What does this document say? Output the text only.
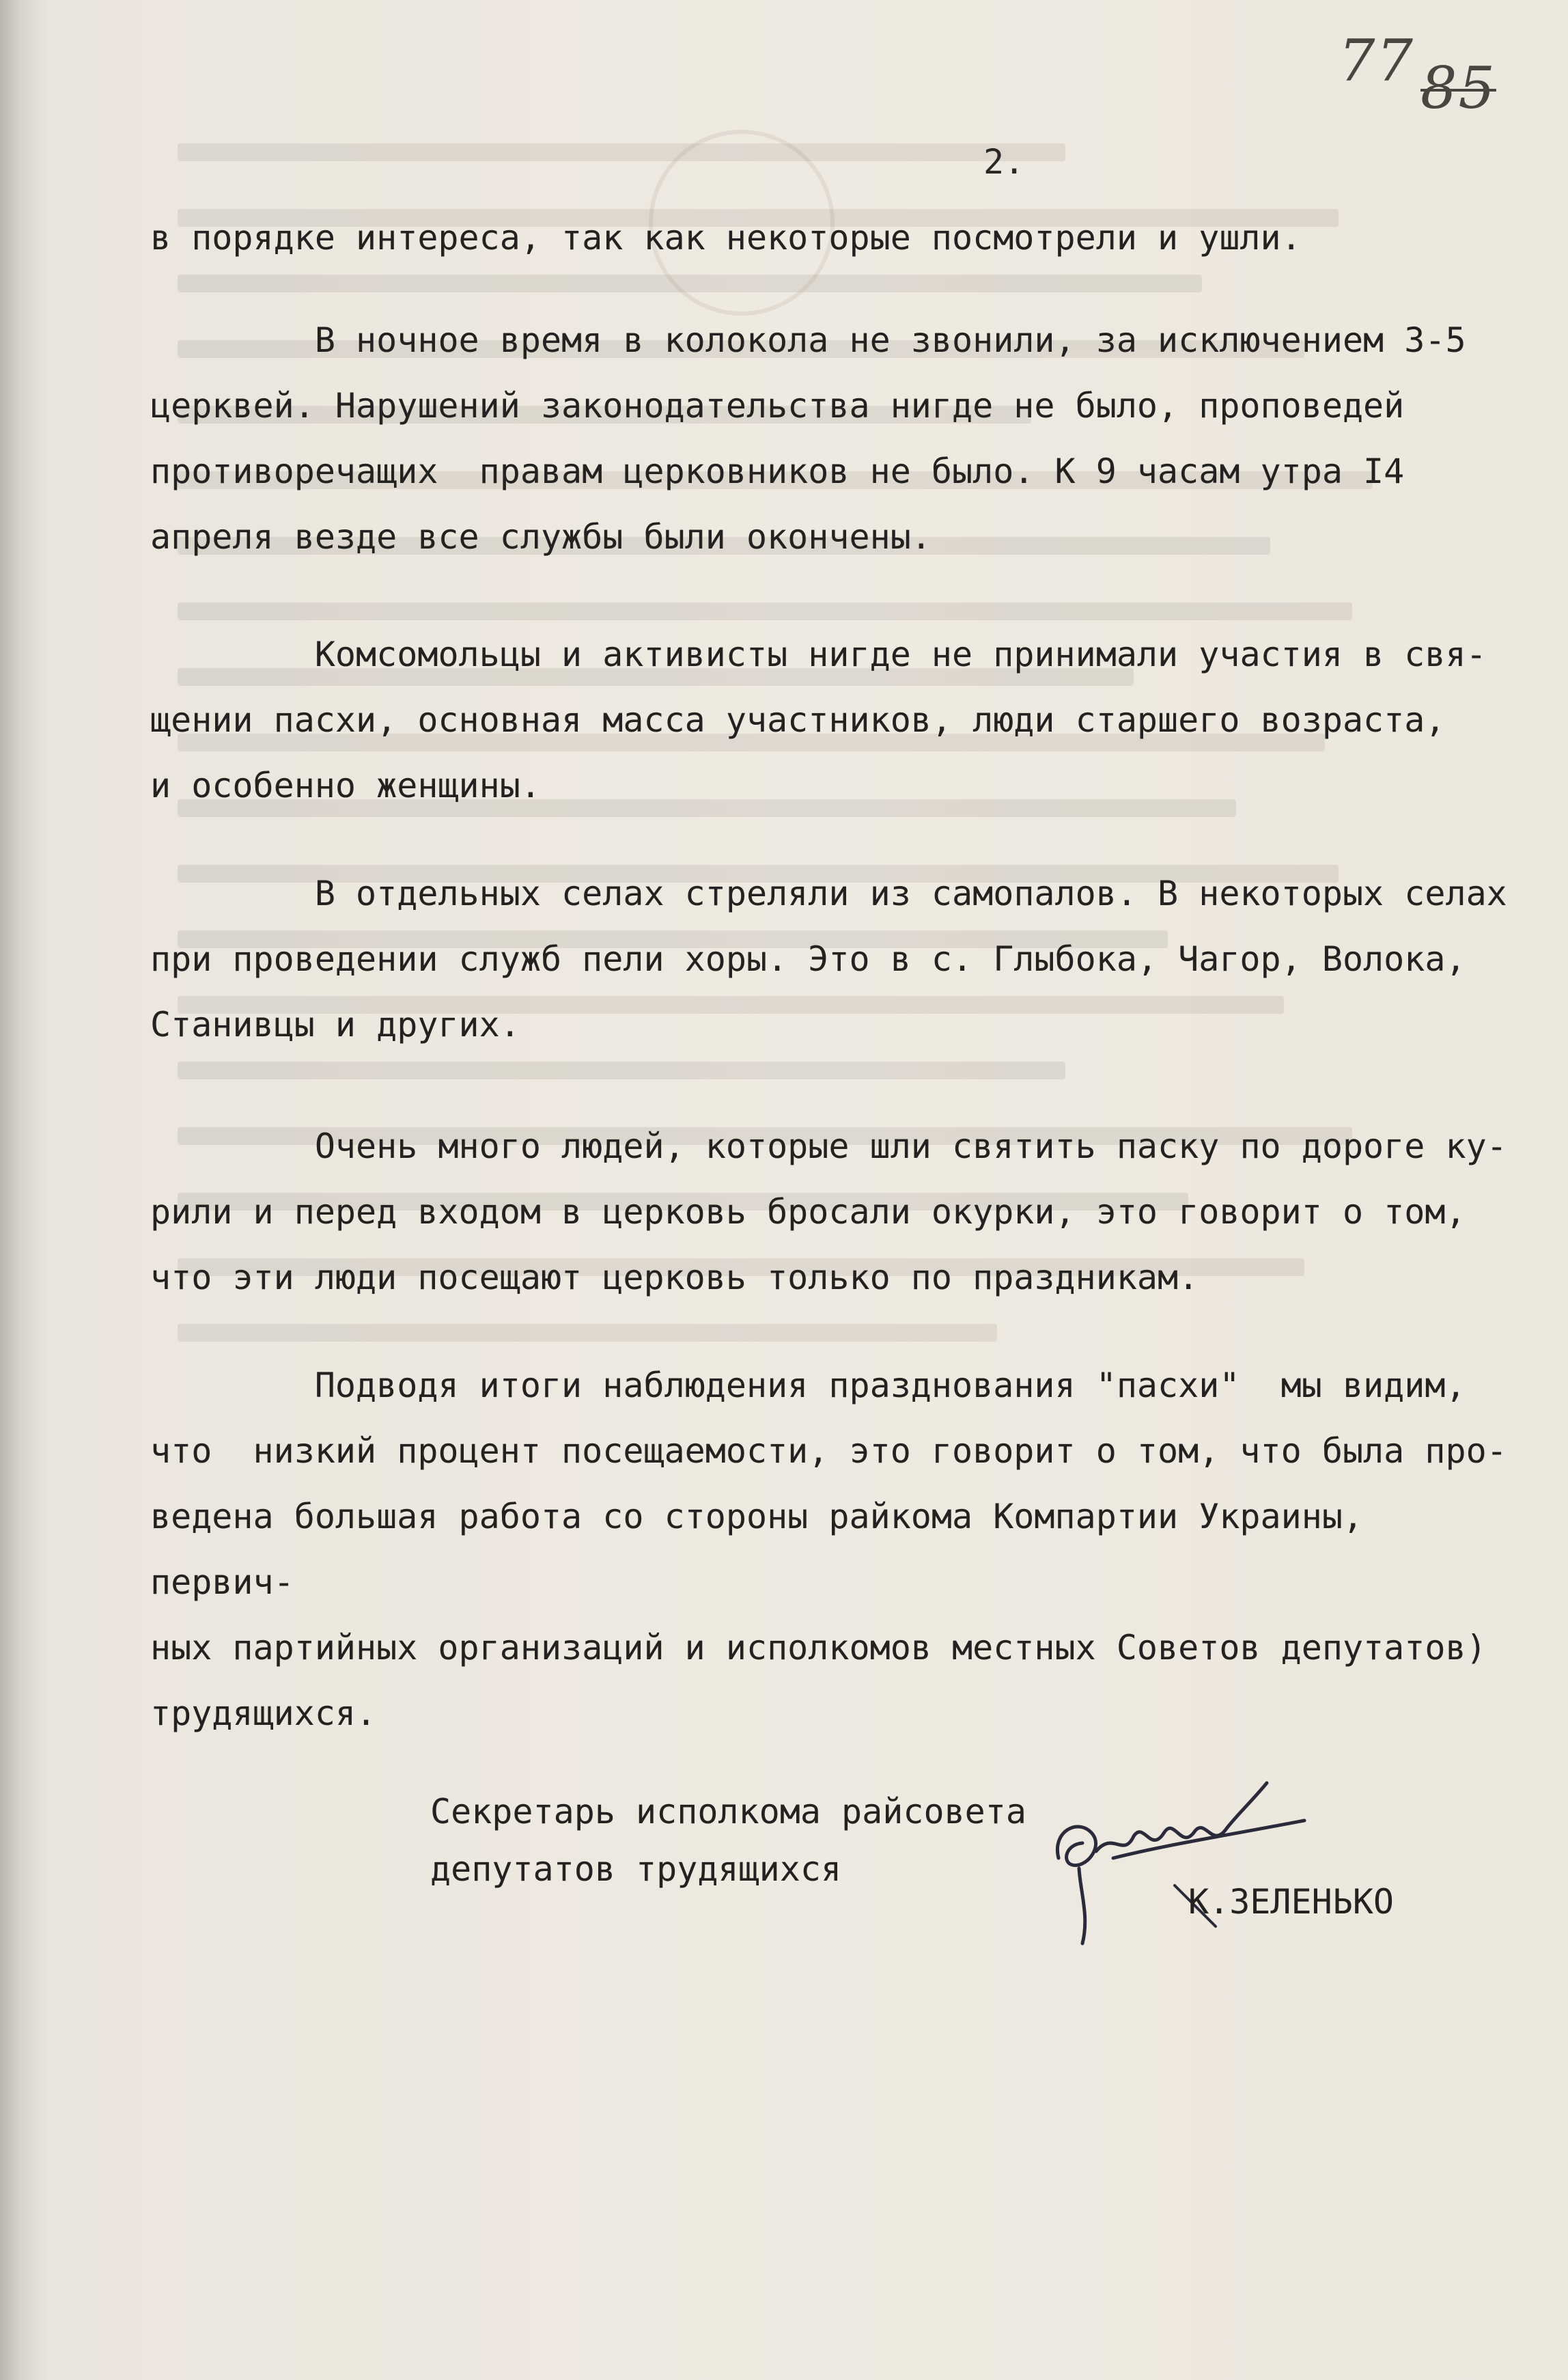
77 85
2.

в порядке интереса, так как некоторые посмотрели и ушли.

В ночное время в колокола не звонили, за исключением 3-5
церквей. Нарушений законодательства нигде не было, проповедей
противоречащих  правам церковников не было. К 9 часам утра I4
апреля везде все службы были окончены.

Комсомольцы и активисты нигде не принимали участия в свя-
щении пасхи, основная масса участников, люди старшего возраста,
и особенно женщины.

В отдельных селах стреляли из самопалов. В некоторых селах
при проведении служб пели хоры. Это в с. Глыбока, Чагор, Волока,
Станивцы и других.

Очень много людей, которые шли святить паску по дороге ку-
рили и перед входом в церковь бросали окурки, это говорит о том,
что эти люди посещают церковь только по праздникам.

Подводя итоги наблюдения празднования "пасхи"  мы видим,
что  низкий процент посещаемости, это говорит о том, что была про-
ведена большая работа со стороны райкома Компартии Украины, первич-
ных партийных организаций и исполкомов местных Советов депутатов)
трудящихся.

Секретарь исполкома райсовета
депутатов трудящихся
К.ЗЕЛЕНЬКО
